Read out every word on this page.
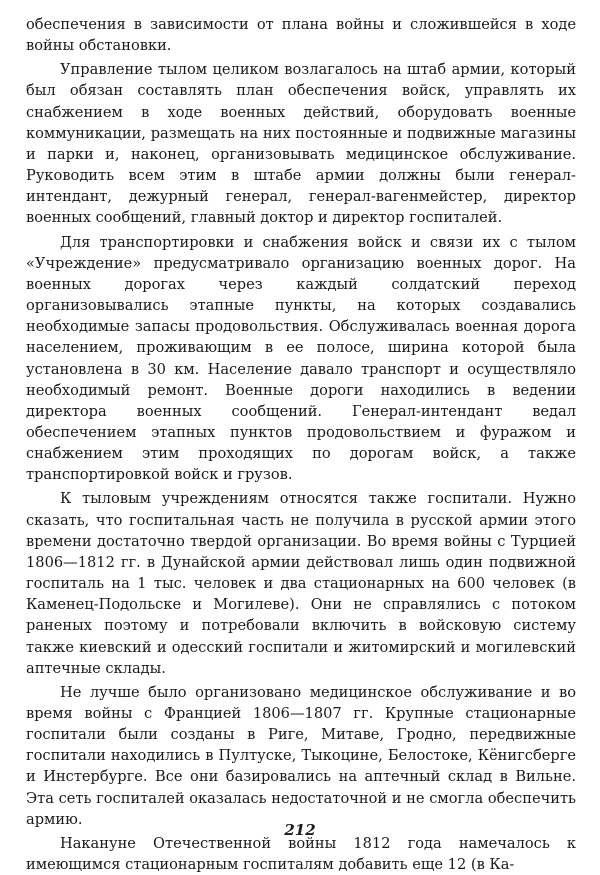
обеспечения в зависимости от плана войны и сложившейся в ходе войны обстановки.

Управление тылом целиком возлагалось на штаб армии, который был обязан составлять план обеспечения войск, управлять их снабжением в ходе военных действий, оборудовать военные коммуникации, размещать на них постоянные и подвижные магазины и парки и, наконец, организовывать медицинское обслуживание. Руководить всем этим в штабе армии должны были генерал-интендант, дежурный генерал, генерал-вагенмейстер, директор военных сообщений, главный доктор и директор госпиталей.

Для транспортировки и снабжения войск и связи их с тылом «Учреждение» предусматривало организацию военных дорог. На военных дорогах через каждый солдатский переход организовывались этапные пункты, на которых создавались необходимые запасы продовольствия. Обслуживалась военная дорога населением, проживающим в ее полосе, ширина которой была установлена в 30 км. Население давало транспорт и осуществляло необходимый ремонт. Военные дороги находились в ведении директора военных сообщений. Генерал-интендант ведал обеспечением этапных пунктов продовольствием и фуражом и снабжением этим проходящих по дорогам войск, а также транспортировкой войск и грузов.

К тыловым учреждениям относятся также госпитали. Нужно сказать, что госпитальная часть не получила в русской армии этого времени достаточно твердой организации. Во время войны с Турцией 1806—1812 гг. в Дунайской армии действовал лишь один подвижной госпиталь на 1 тыс. человек и два стационарных на 600 человек (в Каменец-Подольске и Могилеве). Они не справлялись с потоком раненых поэтому и потребовали включить в войсковую систему также киевский и одесский госпитали и житомирский и могилевский аптечные склады.

Не лучше было организовано медицинское обслуживание и во время войны с Францией 1806—1807 гг. Крупные стационарные госпитали были созданы в Риге, Митаве, Гродно, передвижные госпитали находились в Пултуске, Тыкоцине, Белостоке, Кёнигсберге и Инстербурге. Все они базировались на аптечный склад в Вильне. Эта сеть госпиталей оказалась недостаточной и не смогла обеспечить армию.

Накануне Отечественной войны 1812 года намечалось к имеющимся стационарным госпиталям добавить еще 12 (в Ка-

212
